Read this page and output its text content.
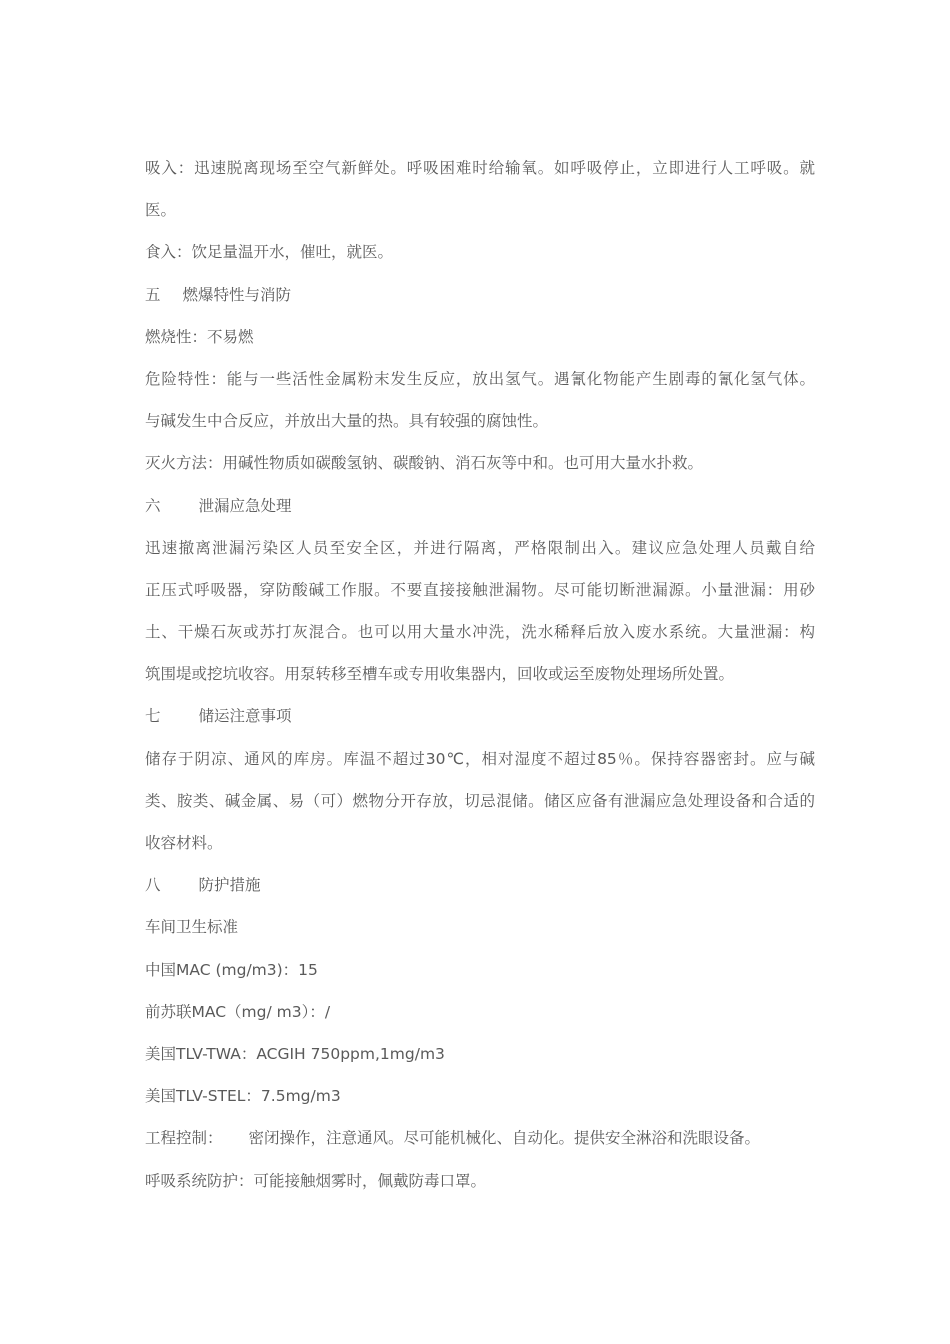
吸入：迅速脱离现场至空气新鲜处。呼吸困难时给输氧。如呼吸停止，立即进行人工呼吸。就
医。
食入：饮足量温开水，催吐，就医。
五 燃爆特性与消防
燃烧性：不易燃
危险特性：能与一些活性金属粉末发生反应，放出氢气。遇氰化物能产生剧毒的氰化氢气体。
与碱发生中合反应，并放出大量的热。具有较强的腐蚀性。
灭火方法：用碱性物质如碳酸氢钠、碳酸钠、消石灰等中和。也可用大量水扑救。
六 泄漏应急处理
迅速撤离泄漏污染区人员至安全区，并进行隔离，严格限制出入。建议应急处理人员戴自给
正压式呼吸器，穿防酸碱工作服。不要直接接触泄漏物。尽可能切断泄漏源。小量泄漏：用砂
土、干燥石灰或苏打灰混合。也可以用大量水冲洗，洗水稀释后放入废水系统。大量泄漏：构
筑围堤或挖坑收容。用泵转移至槽车或专用收集器内，回收或运至废物处理场所处置。
七 储运注意事项
储存于阴凉、通风的库房。库温不超过30℃，相对湿度不超过85％。保持容器密封。应与碱
类、胺类、碱金属、易（可）燃物分开存放，切忌混储。储区应备有泄漏应急处理设备和合适的
收容材料。
八 防护措施
车间卫生标准
中国MAC (mg/m3)：15
前苏联MAC（mg/ m3）：/
美国TLV-TWA：ACGIH 750ppm,1mg/m3
美国TLV-STEL：7.5mg/m3
工程控制： 密闭操作，注意通风。尽可能机械化、自动化。提供安全淋浴和洗眼设备。
呼吸系统防护：可能接触烟雾时，佩戴防毒口罩。
